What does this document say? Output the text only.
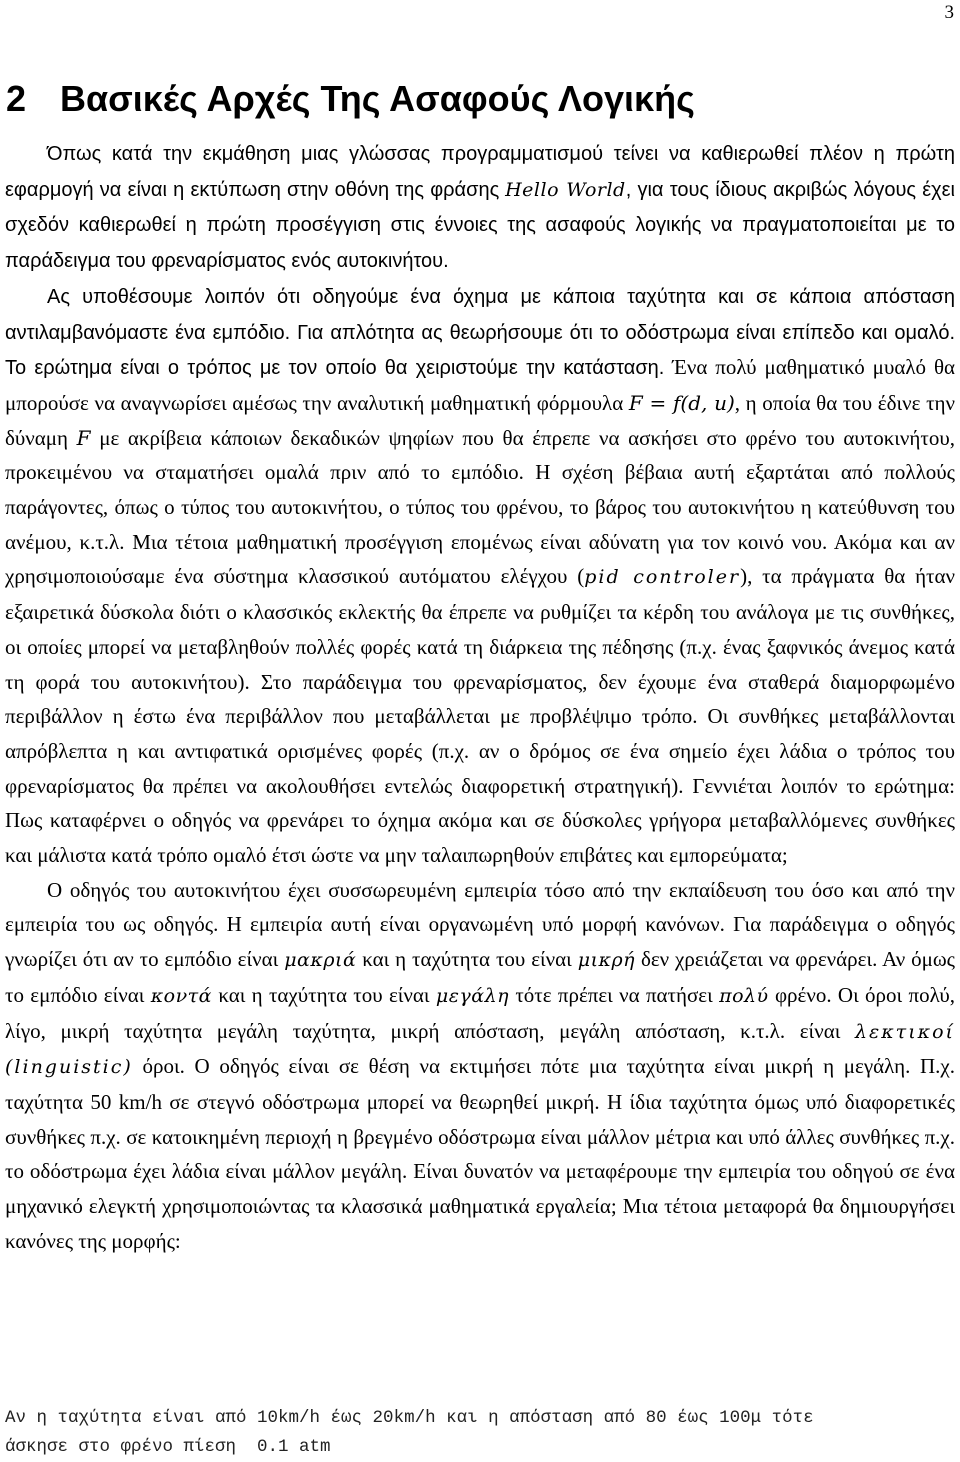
3
2 Βασικές Αρχές Της Ασαφούς Λογικής

Όπως κατά την εκμάθηση μιας γλώσσας προγραμματισμού τείνει να καθιερωθεί πλέον η πρώτη εφαρμογή να είναι η εκτύπωση στην οθόνη της φράσης Hello World, για τους ίδιους ακριβώς λόγους έχει σχεδόν καθιερωθεί η πρώτη προσέγγιση στις έννοιες της ασαφούς λογικής να πραγματοποιείται με το παράδειγμα του φρεναρίσματος ενός αυτοκινήτου.

Ας υποθέσουμε λοιπόν ότι οδηγούμε ένα όχημα με κάποια ταχύτητα και σε κάποια απόσταση αντιλαμβανόμαστε ένα εμπόδιο. Για απλότητα ας θεωρήσουμε ότι το οδόστρωμα είναι επίπεδο και ομαλό. Το ερώτημα είναι ο τρόπος με τον οποίο θα χειριστούμε την κατάσταση. Ένα πολύ μαθηματικό μυαλό θα μπορούσε να αναγνωρίσει αμέσως την αναλυτική μαθηματική φόρμουλα F = f(d, u), η οποία θα του έδινε την δύναμη F με ακρίβεια κάποιων δεκαδικών ψηφίων που θα έπρεπε να ασκήσει στο φρένο του αυτοκινήτου, προκειμένου να σταματήσει ομαλά πριν από το εμπόδιο. Η σχέση βέβαια αυτή εξαρτάται από πολλούς παράγοντες, όπως ο τύπος του αυτοκινήτου, ο τύπος του φρένου, το βάρος του αυτοκινήτου η κατεύθυνση του ανέμου, κ.τ.λ. Μια τέτοια μαθηματική προσέγγιση επομένως είναι αδύνατη για τον κοινό νου. Ακόμα και αν χρησιμοποιούσαμε ένα σύστημα κλασσικού αυτόματου ελέγχου (pid controler), τα πράγματα θα ήταν εξαιρετικά δύσκολα διότι ο κλασσικός εκλεκτής θα έπρεπε να ρυθμίζει τα κέρδη του ανάλογα με τις συνθήκες, οι οποίες μπορεί να μεταβληθούν πολλές φορές κατά τη διάρκεια της πέδησης (π.χ. ένας ξαφνικός άνεμος κατά τη φορά του αυτοκινήτου). Στο παράδειγμα του φρεναρίσματος, δεν έχουμε ένα σταθερά διαμορφωμένο περιβάλλον η έστω ένα περιβάλλον που μεταβάλλεται με προβλέψιμο τρόπο. Οι συνθήκες μεταβάλλονται απρόβλεπτα η και αντιφατικά ορισμένες φορές (π.χ. αν ο δρόμος σε ένα σημείο έχει λάδια ο τρόπος του φρεναρίσματος θα πρέπει να ακολουθήσει εντελώς διαφορετική στρατηγική). Γεννιέται λοιπόν το ερώτημα: Πως καταφέρνει ο οδηγός να φρενάρει το όχημα ακόμα και σε δύσκολες γρήγορα μεταβαλλόμενες συνθήκες και μάλιστα κατά τρόπο ομαλό έτσι ώστε να μην ταλαιπωρηθούν επιβάτες και εμπορεύματα;

Ο οδηγός του αυτοκινήτου έχει συσσωρευμένη εμπειρία τόσο από την εκπαίδευση του όσο και από την εμπειρία του ως οδηγός. Η εμπειρία αυτή είναι οργανωμένη υπό μορφή κανόνων. Για παράδειγμα ο οδηγός γνωρίζει ότι αν το εμπόδιο είναι μακριά και η ταχύτητα του είναι μικρή δεν χρειάζεται να φρενάρει. Αν όμως το εμπόδιο είναι κοντά και η ταχύτητα του είναι μεγάλη τότε πρέπει να πατήσει πολύ φρένο. Οι όροι πολύ, λίγο, μικρή ταχύτητα μεγάλη ταχύτητα, μικρή απόσταση, μεγάλη απόσταση, κ.τ.λ. είναι λεκτικοί (linguistic) όροι. Ο οδηγός είναι σε θέση να εκτιμήσει πότε μια ταχύτητα είναι μικρή η μεγάλη. Π.χ. ταχύτητα 50 km/h σε στεγνό οδόστρωμα μπορεί να θεωρηθεί μικρή. Η ίδια ταχύτητα όμως υπό διαφορετικές συνθήκες π.χ. σε κατοικημένη περιοχή η βρεγμένο οδόστρωμα είναι μάλλον μέτρια και υπό άλλες συνθήκες π.χ. το οδόστρωμα έχει λάδια είναι μάλλον μεγάλη. Είναι δυνατόν να μεταφέρουμε την εμπειρία του οδηγού σε ένα μηχανικό ελεγκτή χρησιμοποιώντας τα κλασσικά μαθηματικά εργαλεία; Μια τέτοια μεταφορά θα δημιουργήσει κανόνες της μορφής:

Αν η ταχύτητα είναι από 10km/h έως 20km/h και η απόσταση από 80 έως 100μ τότε
άσκησε στο φρένο πίεση  0.1 atm
